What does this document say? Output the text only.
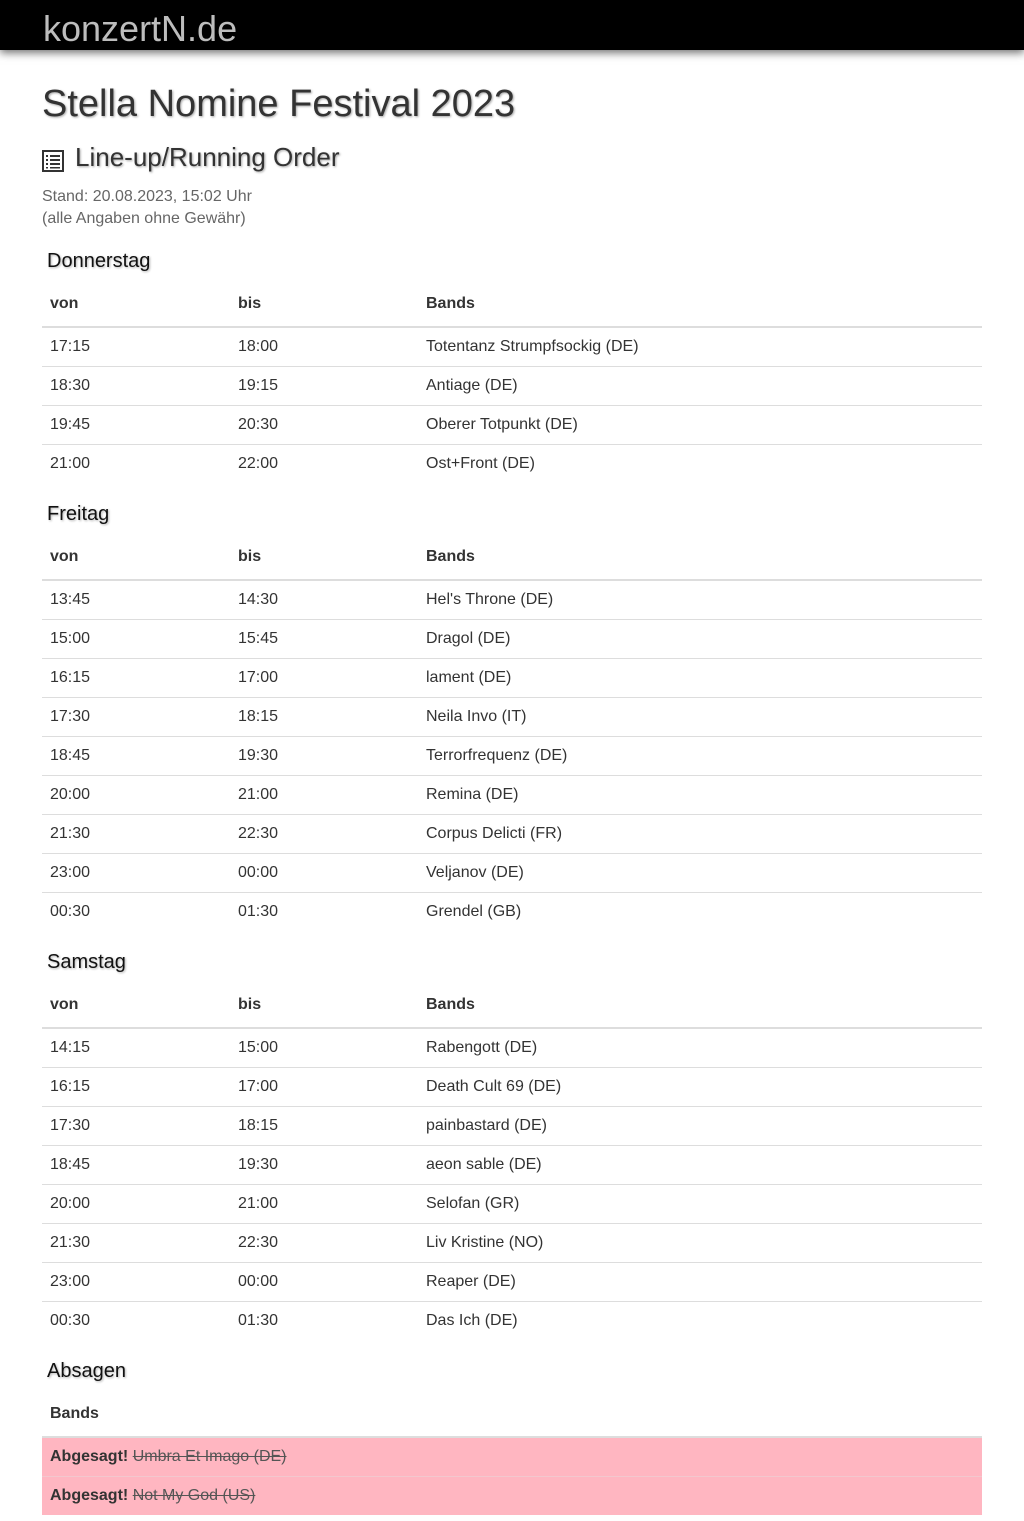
konzertN.de
Stella Nomine Festival 2023
Line-up/Running Order
Stand: 20.08.2023, 15:02 Uhr
(alle Angaben ohne Gewähr)
Donnerstag
von	bis	Bands
17:15	18:00	Totentanz Strumpfsockig (DE)
18:30	19:15	Antiage (DE)
19:45	20:30	Oberer Totpunkt (DE)
21:00	22:00	Ost+Front (DE)
Freitag
von	bis	Bands
13:45	14:30	Hel's Throne (DE)
15:00	15:45	Dragol (DE)
16:15	17:00	lament (DE)
17:30	18:15	Neila Invo (IT)
18:45	19:30	Terrorfrequenz (DE)
20:00	21:00	Remina (DE)
21:30	22:30	Corpus Delicti (FR)
23:00	00:00	Veljanov (DE)
00:30	01:30	Grendel (GB)
Samstag
von	bis	Bands
14:15	15:00	Rabengott (DE)
16:15	17:00	Death Cult 69 (DE)
17:30	18:15	painbastard (DE)
18:45	19:30	aeon sable (DE)
20:00	21:00	Selofan (GR)
21:30	22:30	Liv Kristine (NO)
23:00	00:00	Reaper (DE)
00:30	01:30	Das Ich (DE)
Absagen
Bands
Abgesagt! Umbra Et Imago (DE)
Abgesagt! Not My God (US)
